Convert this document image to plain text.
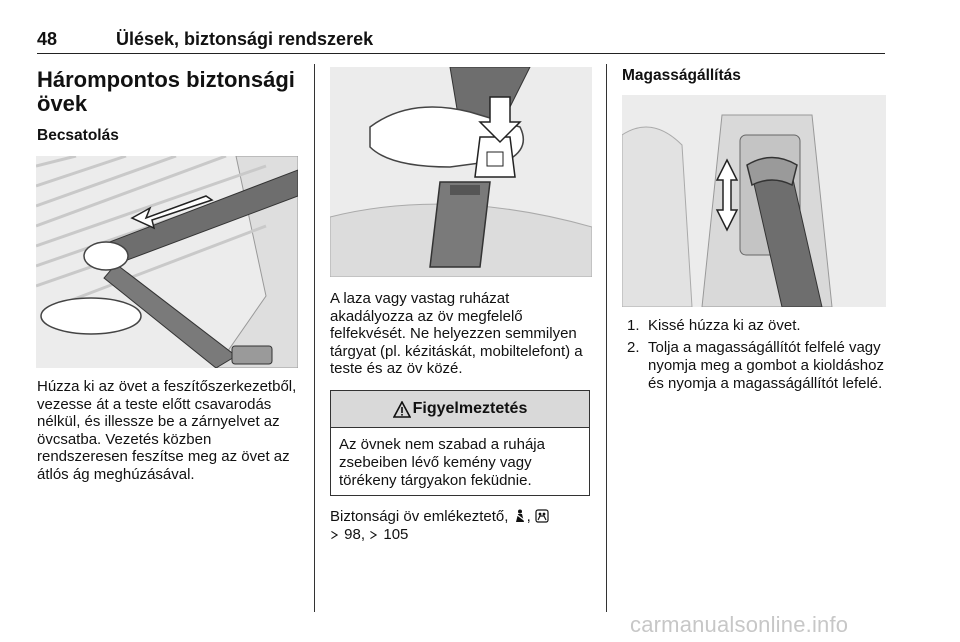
48	Ülések, biztonsági rendszerek
Hárompontos biztonsági övek
Becsatolás

Húzza ki az övet a feszítőszerkezetből, vezesse át a teste előtt csavarodás nélkül, és illessze be a zárnyelvet az övcsatba. Vezetés közben rendszeresen feszítse meg az övet az átlós ág meghúzásával.

A laza vagy vastag ruházat akadályozza az öv megfelelő felfekvését. Ne helyezzen semmilyen tárgyat (pl. kézitáskát, mobiltelefont) a teste és az öv közé.

Figyelmeztetés

Az övnek nem szabad a ruhája zsebeiben lévő kemény vagy törékeny tárgyakon feküdnie.

Biztonsági öv emlékeztető, ,
98, 105
Magasságállítás
1. Kissé húzza ki az övet.
2. Tolja a magasságállítót felfelé vagy nyomja meg a gombot a kioldáshoz és nyomja a magasságállítót lefelé.
carmanualsonline.info
